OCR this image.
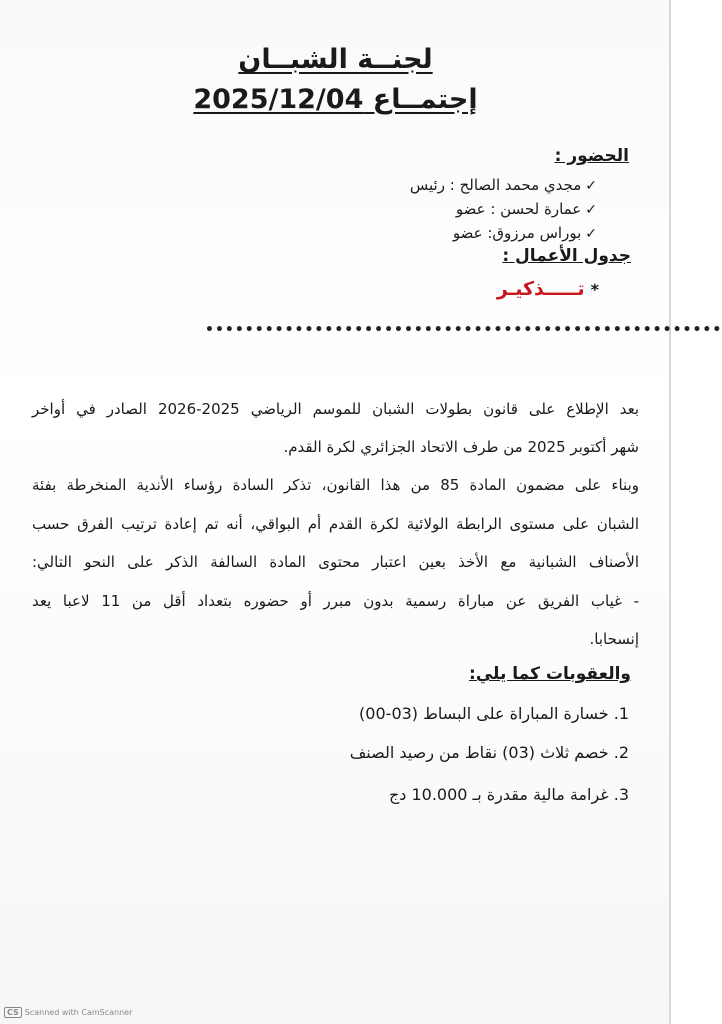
لجنــة الشبــان
إجتمــاع 2025/12/04
الحضور :
✓مجدي محمد الصالح : رئيس
✓عمارة لحسن : عضو
✓بوراس مرزوق: عضو
جدول الأعمال :
*تـــــذكيـر
••••••••••••••••••••••••••••••••••••••••••••••••••••
بعد الإطلاع على قانون بطولات الشبان للموسم الرياضي 2025-2026 الصادر في أواخر
شهر أكتوبر 2025 من طرف الاتحاد الجزائري لكرة القدم.
وبناء على مضمون المادة 85 من هذا القانون، تذكر السادة رؤساء الأندية المنخرطة بفئة
الشبان على مستوى الرابطة الولائية لكرة القدم أم البواقي، أنه تم إعادة ترتيب الفرق حسب
الأصناف الشبانية مع الأخذ بعين اعتبار محتوى المادة السالفة الذكر على النحو التالي:
- غياب الفريق عن مباراة رسمية بدون مبرر أو حضوره بتعداد أقل من 11 لاعبا يعد
إنسحابا.
والعقوبات كما يلي:
1. خسارة المباراة على البساط (03-00)
2. خصم ثلاث (03) نقاط من رصيد الصنف
3. غرامة مالية مقدرة بـ 10.000 دج
CS Scanned with CamScanner
